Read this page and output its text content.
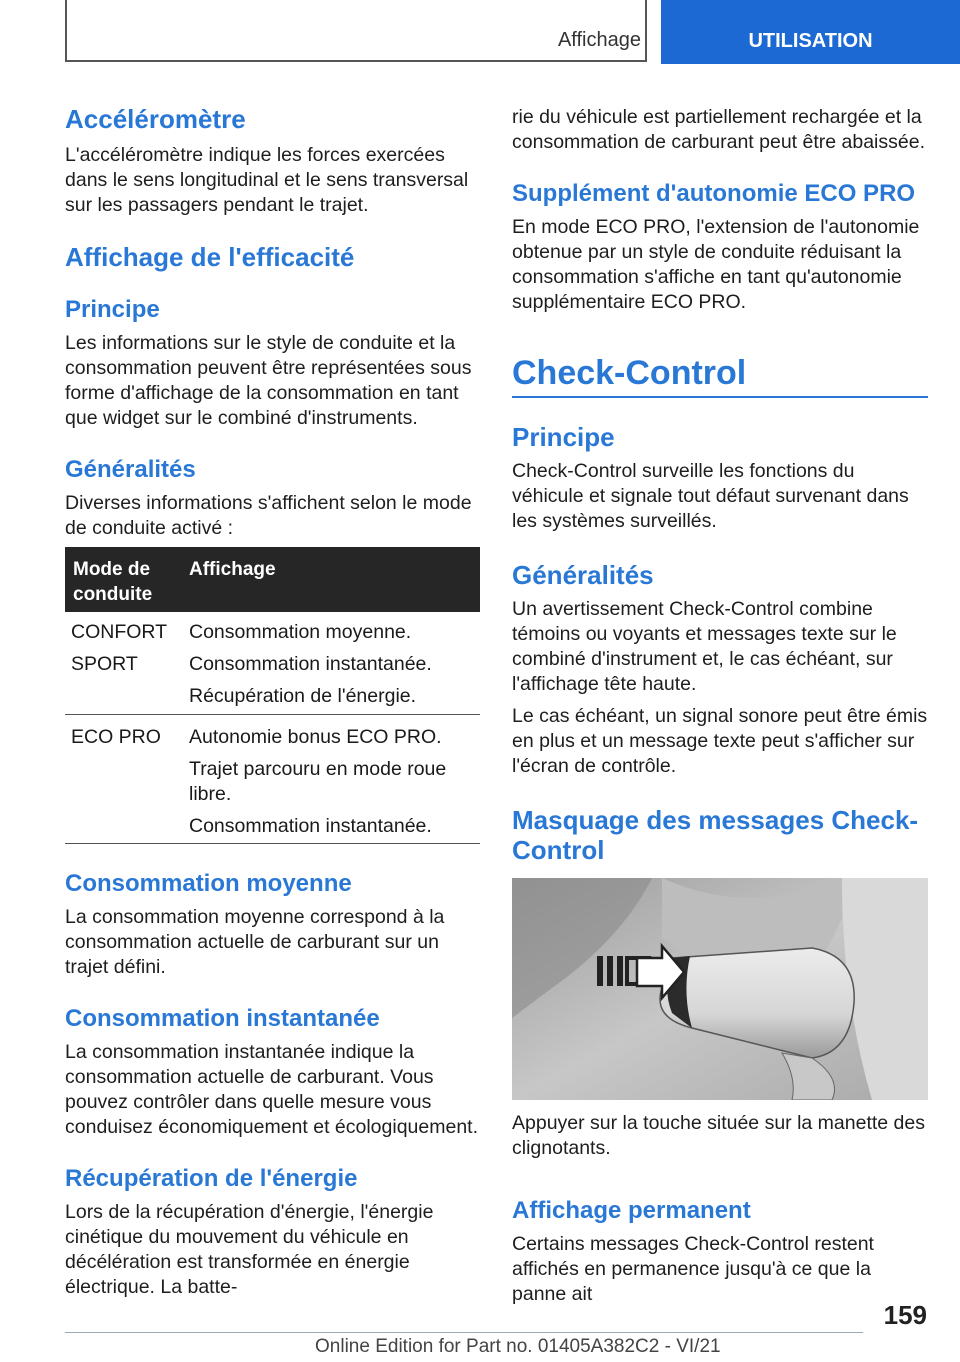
Affichage	UTILISATION
Accéléromètre

L'accéléromètre indique les forces exercées dans le sens longitudinal et le sens transversal sur les passagers pendant le trajet.

Affichage de l'efficacité
Principe

Les informations sur le style de conduite et la consommation peuvent être représentées sous forme d'affichage de la consommation en tant que widget sur le combiné d'instruments.

Généralités

Diverses informations s'affichent selon le mode de conduite activé :

Consommation moyenne

La consommation moyenne correspond à la consommation actuelle de carburant sur un trajet défini.

Consommation instantanée

La consommation instantanée indique la consommation actuelle de carburant. Vous pouvez contrôler dans quelle mesure vous conduisez économiquement et écologiquement.

Récupération de l'énergie

Lors de la récupération d'énergie, l'énergie cinétique du mouvement du véhicule en décélération est transformée en énergie électrique. La batte-

Mode de conduite
Affichage
CONFORT
SPORT
Consommation moyenne.
Consommation instantanée.
Récupération de l'énergie.
ECO PRO Autonomie bonus ECO PRO.
Trajet parcouru en mode roue libre.
Consommation instantanée.

rie du véhicule est partiellement rechargée et la consommation de carburant peut être abaissée.

Supplément d'autonomie ECO PRO

En mode ECO PRO, l'extension de l'autonomie obtenue par un style de conduite réduisant la consommation s'affiche en tant qu'autonomie supplémentaire ECO PRO.

Check-Control
Principe

Check-Control surveille les fonctions du véhicule et signale tout défaut survenant dans les systèmes surveillés.

Généralités

Un avertissement Check-Control combine témoins ou voyants et messages texte sur le combiné d'instrument et, le cas échéant, sur l'affichage tête haute.

Le cas échéant, un signal sonore peut être émis en plus et un message texte peut s'afficher sur l'écran de contrôle.

Masquage des messages Check-Control

Appuyer sur la touche située sur la manette des clignotants.

Affichage permanent

Certains messages Check-Control restent affichés en permanence jusqu'à ce que la panne ait

159
Online Edition for Part no. 01405A382C2 - VI/21
